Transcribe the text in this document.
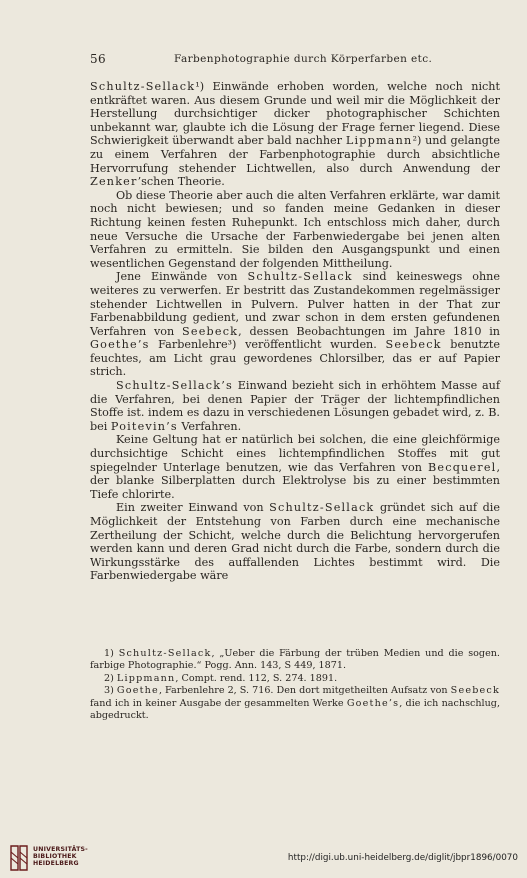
56	Farbenphotographie durch Körperfarben etc.

Schultz-Sellack¹) Einwände erhoben worden, welche noch nicht entkräftet waren. Aus diesem Grunde und weil mir die Möglichkeit der Herstellung durchsichtiger dicker photographischer Schichten unbekannt war, glaubte ich die Lösung der Frage ferner liegend. Diese Schwierigkeit überwandt aber bald nachher Lippmann²) und gelangte zu einem Verfahren der Farbenphotographie durch absichtliche Hervorrufung stehender Lichtwellen, also durch Anwendung der Zenker’schen Theorie.

Ob diese Theorie aber auch die alten Verfahren erklärte, war damit noch nicht bewiesen; und so fanden meine Gedanken in dieser Richtung keinen festen Ruhepunkt. Ich entschloss mich daher, durch neue Versuche die Ursache der Farbenwiedergabe bei jenen alten Verfahren zu ermitteln. Sie bilden den Ausgangspunkt und einen wesentlichen Gegenstand der folgenden Mittheilung.

Jene Einwände von Schultz-Sellack sind keineswegs ohne weiteres zu verwerfen. Er bestritt das Zustandekommen regelmässiger stehender Lichtwellen in Pulvern. Pulver hatten in der That zur Farbenabbildung gedient, und zwar schon in dem ersten gefundenen Verfahren von Seebeck, dessen Beobachtungen im Jahre 1810 in Goethe’s Farbenlehre³) veröffentlicht wurden. Seebeck benutzte feuchtes, am Licht grau gewordenes Chlorsilber, das er auf Papier strich.

Schultz-Sellack’s Einwand bezieht sich in erhöhtem Masse auf die Verfahren, bei denen Papier der Träger der lichtempfindlichen Stoffe ist. indem es dazu in verschiedenen Lösungen gebadet wird, z. B. bei Poitevin’s Verfahren.

Keine Geltung hat er natürlich bei solchen, die eine gleichförmige durchsichtige Schicht eines lichtempfindlichen Stoffes mit gut spiegelnder Unterlage benutzen, wie das Verfahren von Becquerel, der blanke Silberplatten durch Elektrolyse bis zu einer bestimmten Tiefe chlorirte.

Ein zweiter Einwand von Schultz-Sellack gründet sich auf die Möglichkeit der Entstehung von Farben durch eine mechanische Zertheilung der Schicht, welche durch die Belichtung hervorgerufen werden kann und deren Grad nicht durch die Farbe, sondern durch die Wirkungsstärke des auffallenden Lichtes bestimmt wird. Die Farbenwiedergabe wäre

1) Schultz-Sellack, „Ueber die Färbung der trüben Medien und die sogen. farbige Photographie.“ Pogg. Ann. 143, S 449, 1871.

2) Lippmann, Compt. rend. 112, S. 274. 1891.

3) Goethe, Farbenlehre 2, S. 716. Den dort mitgetheilten Aufsatz von Seebeck fand ich in keiner Ausgabe der gesammelten Werke Goethe’s, die ich nachschlug, abgedruckt.

UNIVERSITÄTS-
BIBLIOTHEK
HEIDELBERG
http://digi.ub.uni-heidelberg.de/diglit/jbpr1896/0070
